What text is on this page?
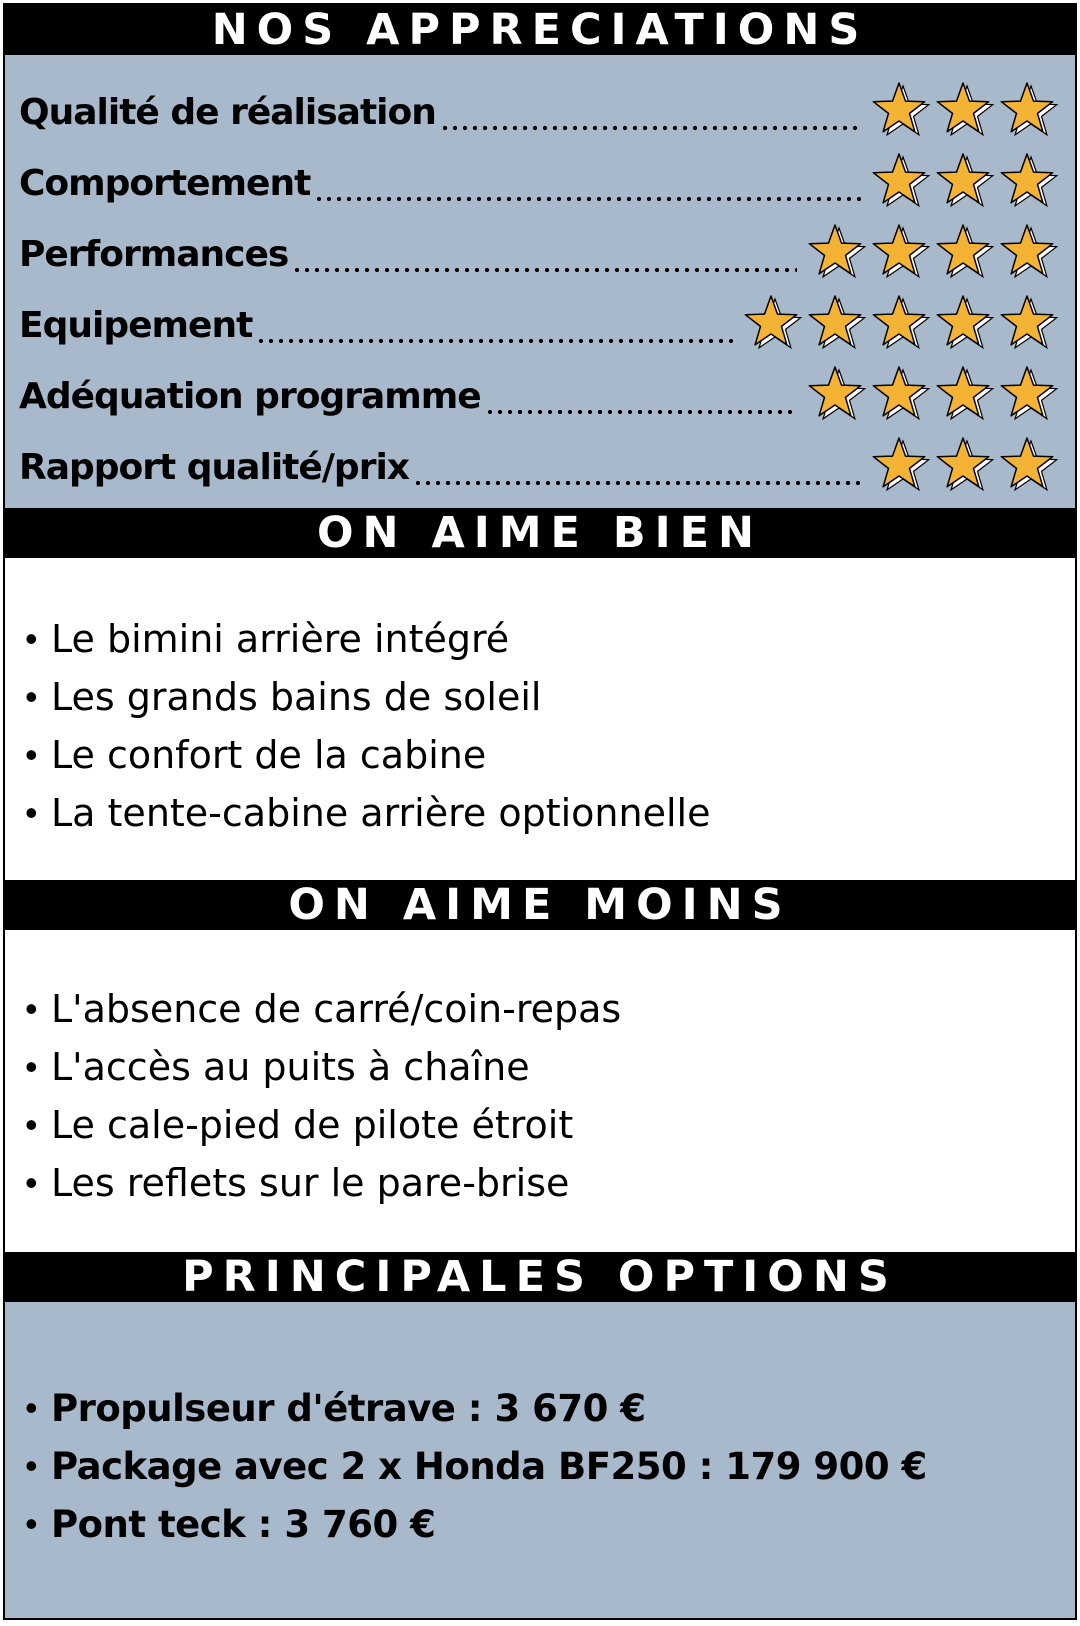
NOS APPRECIATIONS
Qualité de réalisation
Comportement
Performances
Equipement
Adéquation programme
Rapport qualité/prix
ON AIME BIEN
• Le bimini arrière intégré
• Les grands bains de soleil
• Le confort de la cabine
• La tente-cabine arrière optionnelle
ON AIME MOINS
• L'absence de carré/coin-repas
• L'accès au puits à chaîne
• Le cale-pied de pilote étroit
• Les reflets sur le pare-brise
PRINCIPALES OPTIONS
• Propulseur d'étrave : 3 670 €
• Package avec 2 x Honda BF250 : 179 900 €
• Pont teck : 3 760 €
